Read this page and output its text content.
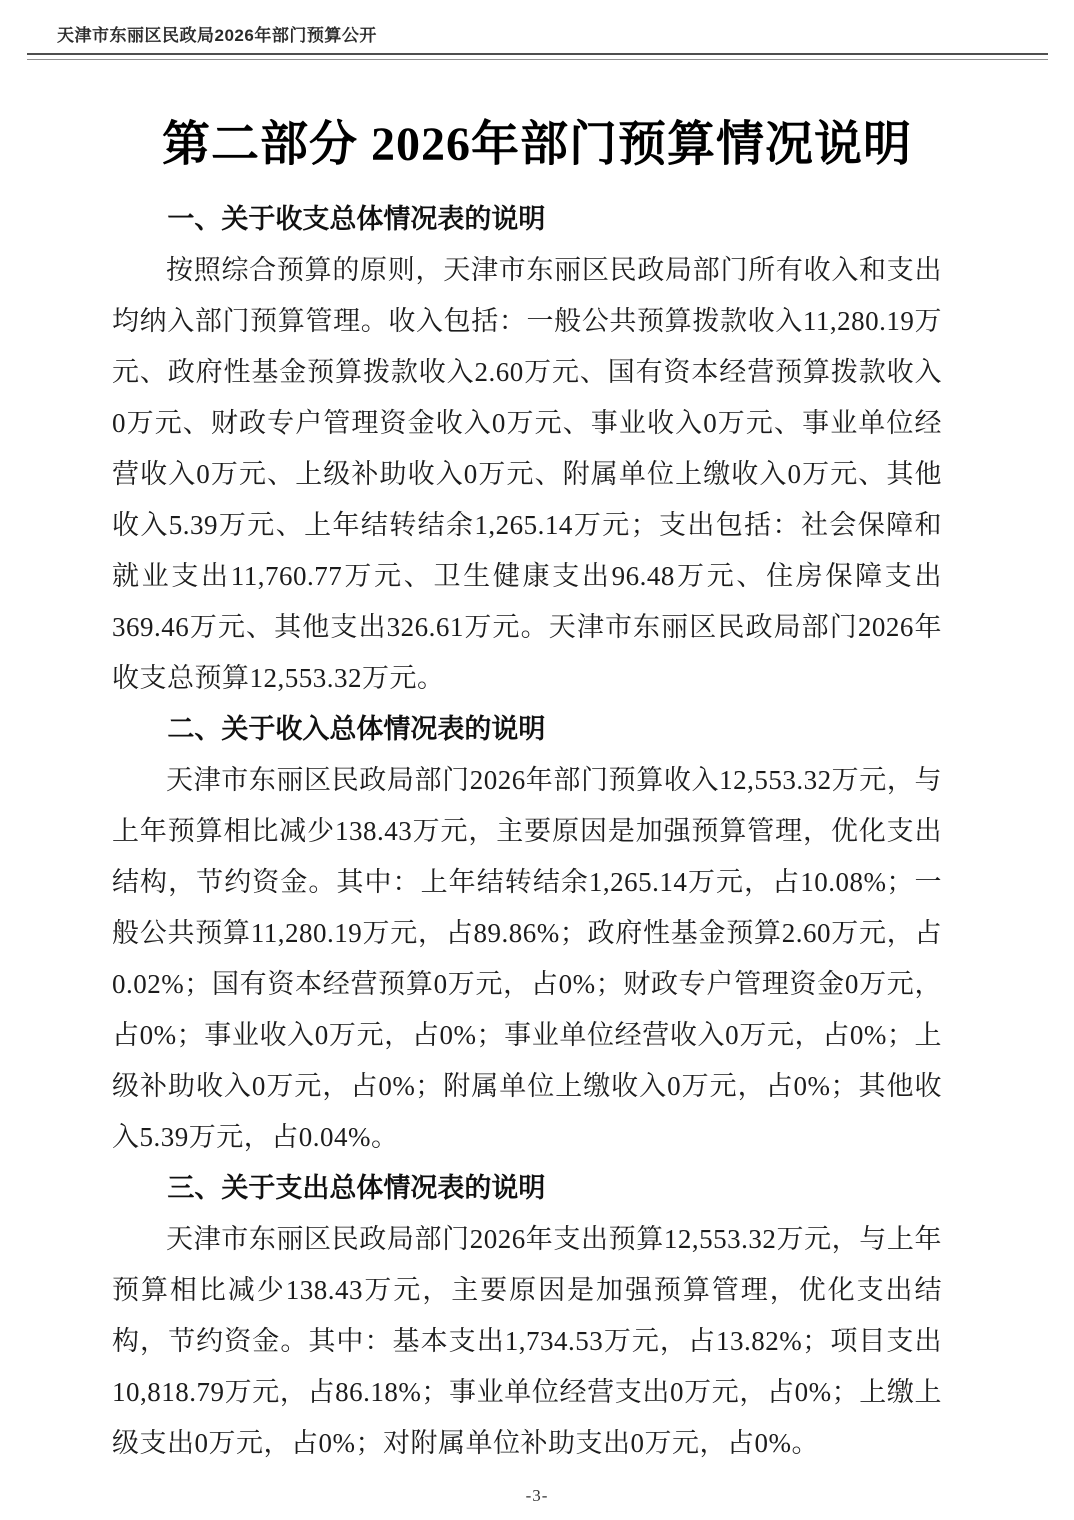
天津市东丽区民政局2026年部门预算公开

第二部分 2026年部门预算情况说明
一、关于收支总体情况表的说明

按照综合预算的原则，天津市东丽区民政局部门所有收入和支出均纳入部门预算管理。收入包括：一般公共预算拨款收入11,280.19万元、政府性基金预算拨款收入2.60万元、国有资本经营预算拨款收入0万元、财政专户管理资金收入0万元、事业收入0万元、事业单位经营收入0万元、上级补助收入0万元、附属单位上缴收入0万元、其他收入5.39万元、上年结转结余1,265.14万元；支出包括：社会保障和就业支出11,760.77万元、卫生健康支出96.48万元、住房保障支出369.46万元、其他支出326.61万元。天津市东丽区民政局部门2026年收支总预算12,553.32万元。

二、关于收入总体情况表的说明

天津市东丽区民政局部门2026年部门预算收入12,553.32万元，与上年预算相比减少138.43万元，主要原因是加强预算管理，优化支出结构，节约资金。其中：上年结转结余1,265.14万元，占10.08%；一般公共预算11,280.19万元，占89.86%；政府性基金预算2.60万元，占0.02%；国有资本经营预算0万元，占0%；财政专户管理资金0万元，占0%；事业收入0万元，占0%；事业单位经营收入0万元，占0%；上级补助收入0万元，占0%；附属单位上缴收入0万元，占0%；其他收入5.39万元，占0.04%。

三、关于支出总体情况表的说明

天津市东丽区民政局部门2026年支出预算12,553.32万元，与上年预算相比减少138.43万元，主要原因是加强预算管理，优化支出结构，节约资金。其中：基本支出1,734.53万元，占13.82%；项目支出10,818.79万元，占86.18%；事业单位经营支出0万元，占0%；上缴上级支出0万元，占0%；对附属单位补助支出0万元，占0%。

-3-
